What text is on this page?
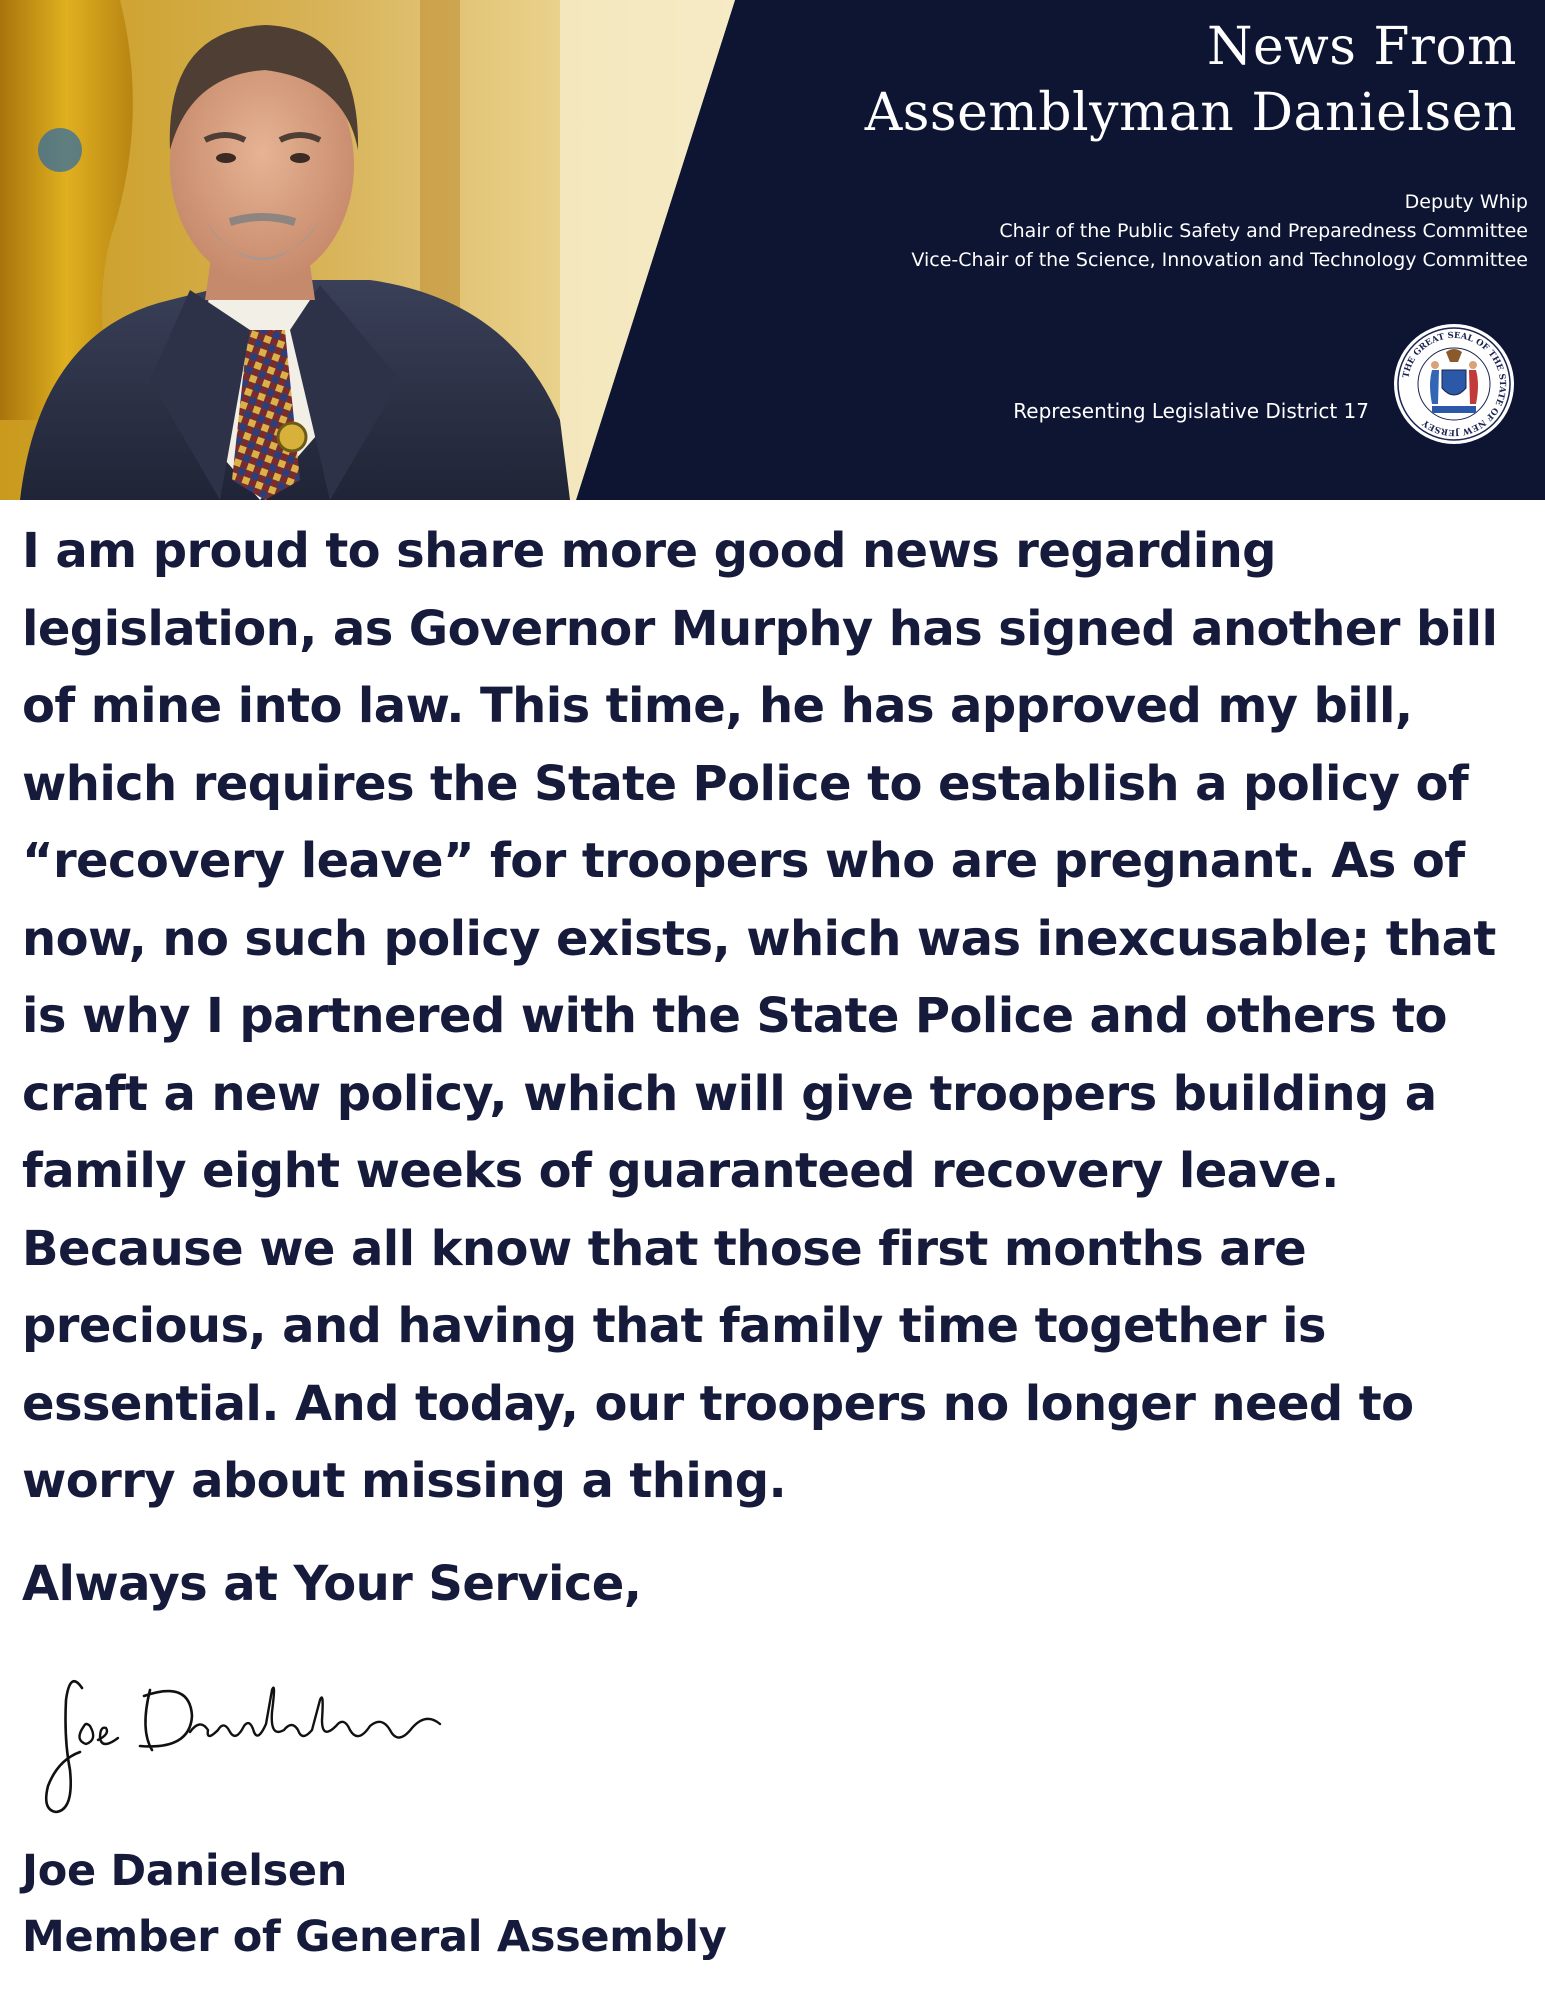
News From
Assemblyman Danielsen
Deputy Whip
Chair of the Public Safety and Preparedness Committee
Vice-Chair of the Science, Innovation and Technology Committee
Representing Legislative District 17
THE GREAT SEAL OF THE STATE OF NEW JERSEY
I am proud to share more good news regarding
legislation, as Governor Murphy has signed another bill
of mine into law. This time, he has approved my bill,
which requires the State Police to establish a policy of
“recovery leave” for troopers who are pregnant. As of
now, no such policy exists, which was inexcusable; that
is why I partnered with the State Police and others to
craft a new policy, which will give troopers building a
family eight weeks of guaranteed recovery leave.
Because we all know that those first months are
precious, and having that family time together is
essential. And today, our troopers no longer need to
worry about missing a thing.
Always at Your Service,
Joe Danielsen
Member of General Assembly
